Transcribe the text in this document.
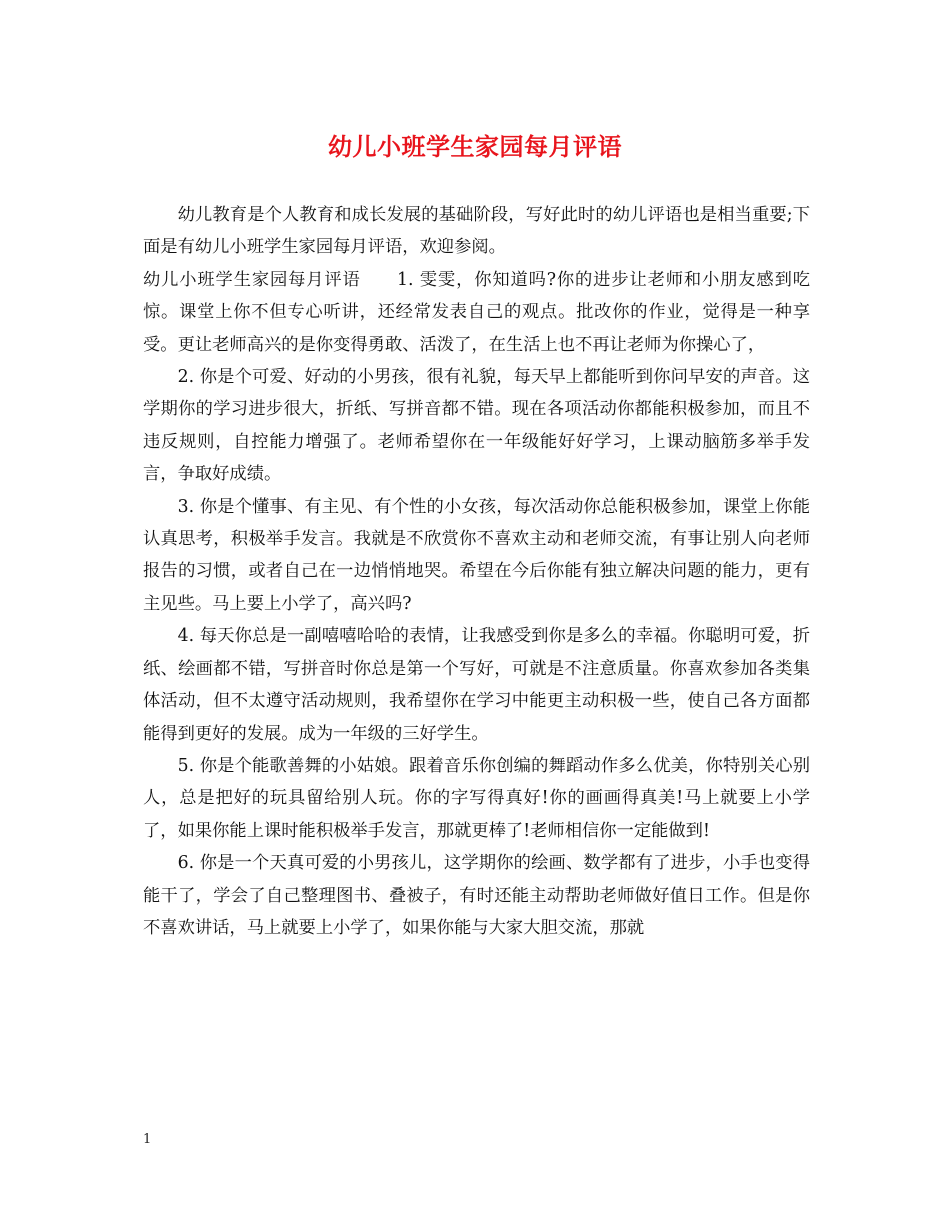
幼儿小班学生家园每月评语

幼儿教育是个人教育和成长发展的基础阶段，写好此时的幼儿评语也是相当重要;下面是有幼儿小班学生家园每月评语，欢迎参阅。

幼儿小班学生家园每月评语　　1. 雯雯，你知道吗?你的进步让老师和小朋友感到吃惊。课堂上你不但专心听讲，还经常发表自己的观点。批改你的作业，觉得是一种享受。更让老师高兴的是你变得勇敢、活泼了，在生活上也不再让老师为你操心了，

2. 你是个可爱、好动的小男孩，很有礼貌，每天早上都能听到你问早安的声音。这学期你的学习进步很大，折纸、写拼音都不错。现在各项活动你都能积极参加，而且不违反规则，自控能力增强了。老师希望你在一年级能好好学习，上课动脑筋多举手发言，争取好成绩。

3. 你是个懂事、有主见、有个性的小女孩，每次活动你总能积极参加，课堂上你能认真思考，积极举手发言。我就是不欣赏你不喜欢主动和老师交流，有事让别人向老师报告的习惯，或者自己在一边悄悄地哭。希望在今后你能有独立解决问题的能力，更有主见些。马上要上小学了，高兴吗?

4. 每天你总是一副嘻嘻哈哈的表情，让我感受到你是多么的幸福。你聪明可爱，折纸、绘画都不错，写拼音时你总是第一个写好，可就是不注意质量。你喜欢参加各类集体活动，但不太遵守活动规则，我希望你在学习中能更主动积极一些，使自己各方面都能得到更好的发展。成为一年级的三好学生。

5. 你是个能歌善舞的小姑娘。跟着音乐你创编的舞蹈动作多么优美，你特别关心别人，总是把好的玩具留给别人玩。你的字写得真好!你的画画得真美!马上就要上小学了，如果你能上课时能积极举手发言，那就更棒了!老师相信你一定能做到!

6. 你是一个天真可爱的小男孩儿，这学期你的绘画、数学都有了进步，小手也变得能干了，学会了自己整理图书、叠被子，有时还能主动帮助老师做好值日工作。但是你不喜欢讲话，马上就要上小学了，如果你能与大家大胆交流，那就

1
